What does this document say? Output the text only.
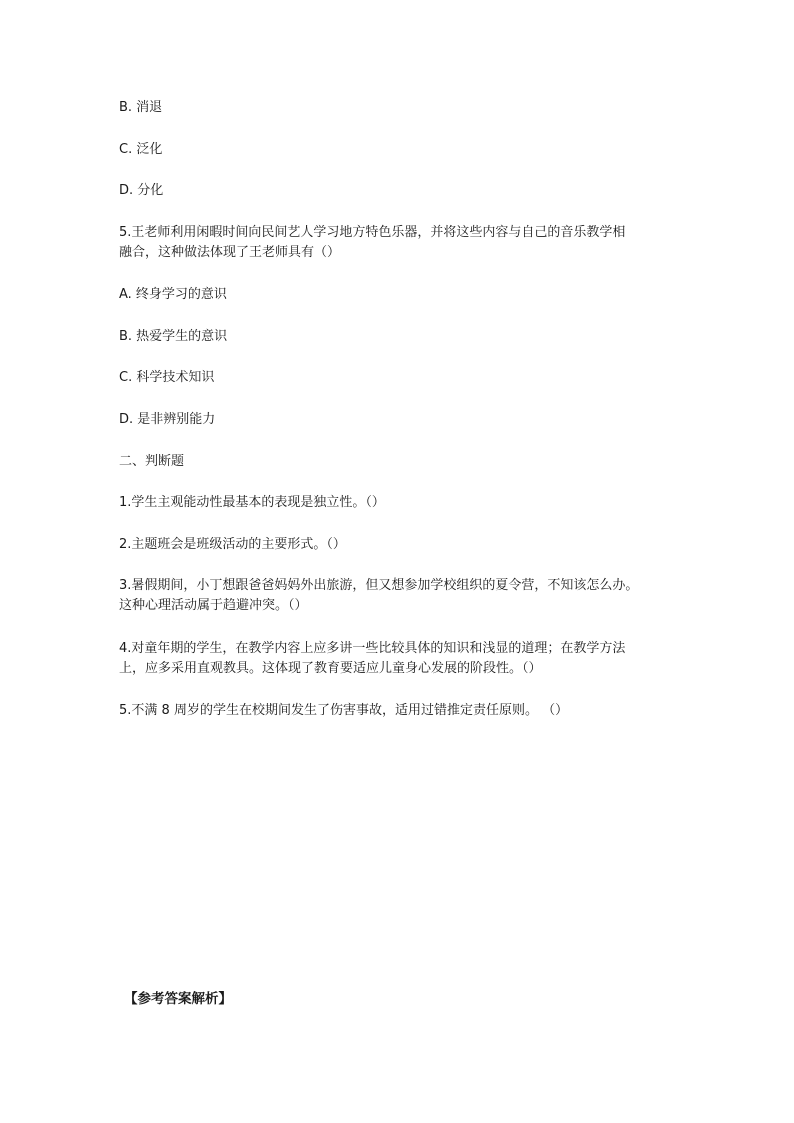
B. 消退
C. 泛化
D. 分化
5.王老师利用闲暇时间向民间艺人学习地方特色乐器，并将这些内容与自己的音乐教学相
融合，这种做法体现了王老师具有（）
A. 终身学习的意识
B. 热爱学生的意识
C. 科学技术知识
D. 是非辨别能力
二、判断题
1.学生主观能动性最基本的表现是独立性。（）
2.主题班会是班级活动的主要形式。（）
3.暑假期间，小丁想跟爸爸妈妈外出旅游，但又想参加学校组织的夏令营，不知该怎么办。
这种心理活动属于趋避冲突。（）
4.对童年期的学生，在教学内容上应多讲一些比较具体的知识和浅显的道理；在教学方法
上，应多采用直观教具。这体现了教育要适应儿童身心发展的阶段性。（）
5.不满 8 周岁的学生在校期间发生了伤害事故，适用过错推定责任原则。 （）
【参考答案解析】
